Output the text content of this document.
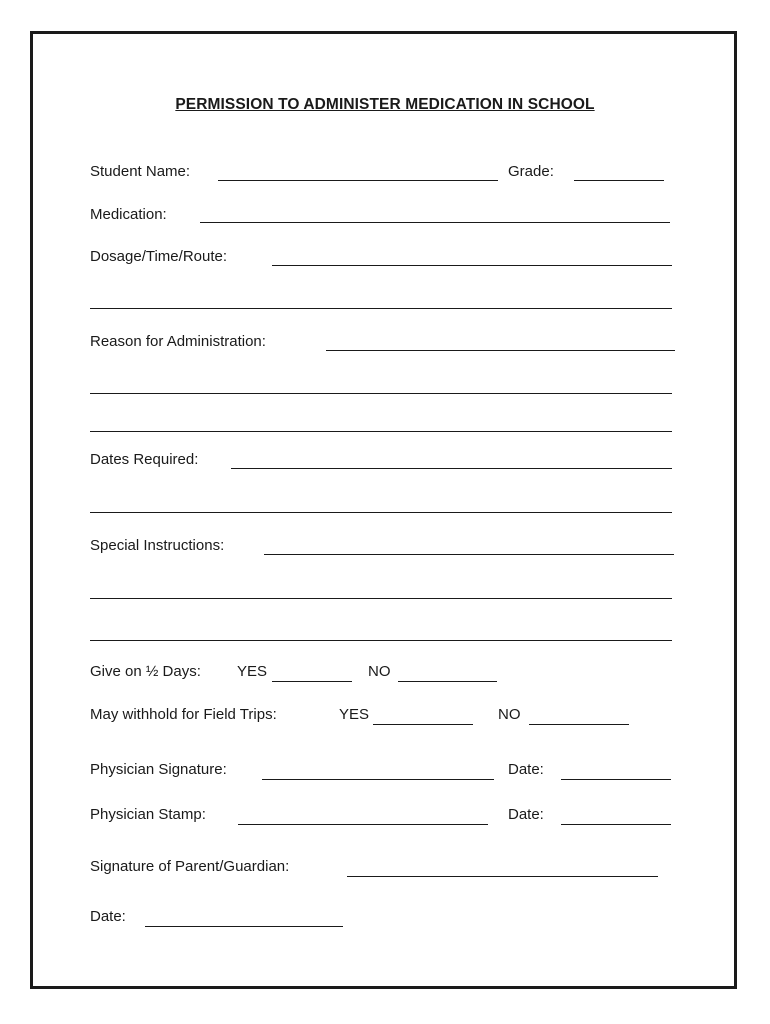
PERMISSION TO ADMINISTER MEDICATION IN SCHOOL
Student Name:	Grade:
Medication:
Dosage/Time/Route:
Reason for Administration:
Dates Required:
Special Instructions:
Give on ½ Days: YES	NO
May withhold for Field Trips:	YES	NO
Physician Signature:	Date:
Physician Stamp:	Date:
Signature of Parent/Guardian:
Date:
